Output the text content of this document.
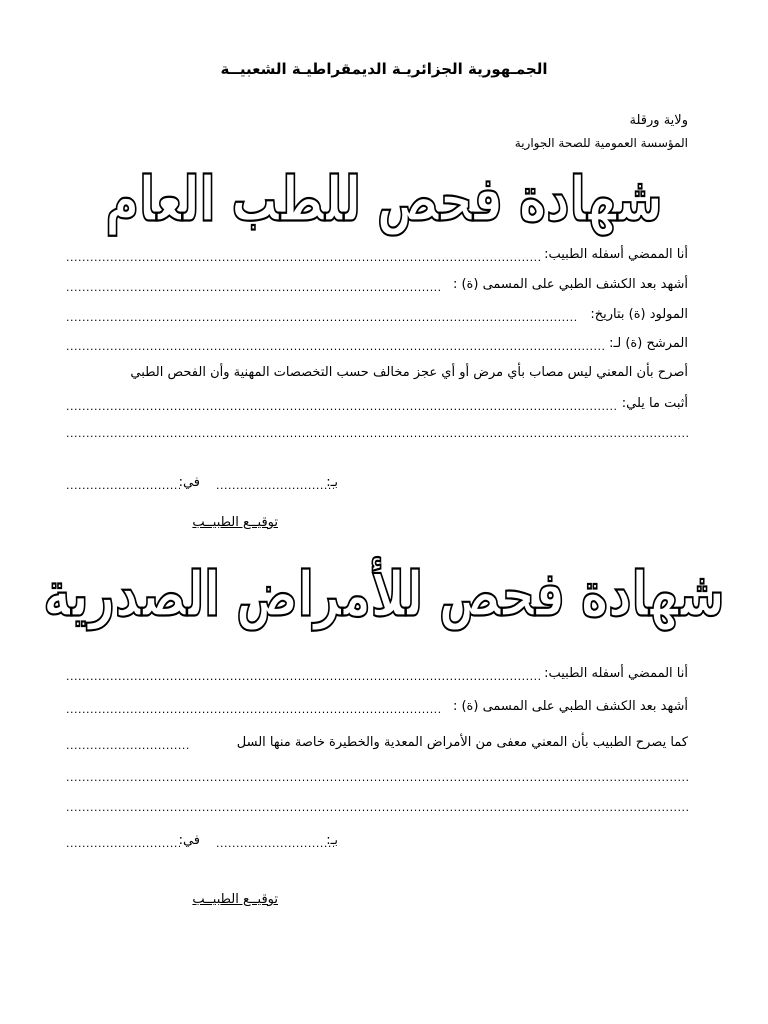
الجمـهورية الجزائريـة الديمقراطيـة الشعبيــة
ولاية ورقلة
المؤسسة العمومية للصحة الجوارية
شهادة فحص للطب العام
أنا الممضي أسفله الطبيب:
.....
أشهد بعد الكشف الطبي على المسمى (ة) :
.....
المولود (ة) بتاريخ:
.....
المرشح (ة) لـ:
.....
أصرح بأن المعني ليس مصاب بأي مرض أو أي عجز مخالف حسب التخصصات المهنية وأن الفحص الطبي
أثبت ما يلي:
.....
.....
بـ:
.....
في:
.....
توقيــع الطبيــب
شهادة فحص للأمراض الصدرية
أنا الممضي أسفله الطبيب:
.....
أشهد بعد الكشف الطبي على المسمى (ة) :
.....
كما يصرح الطبيب بأن المعني معفى من الأمراض المعدية والخطيرة خاصة منها السل
.....
.....
.....
بـ:
.....
في:
.....
توقيــع الطبيــب
